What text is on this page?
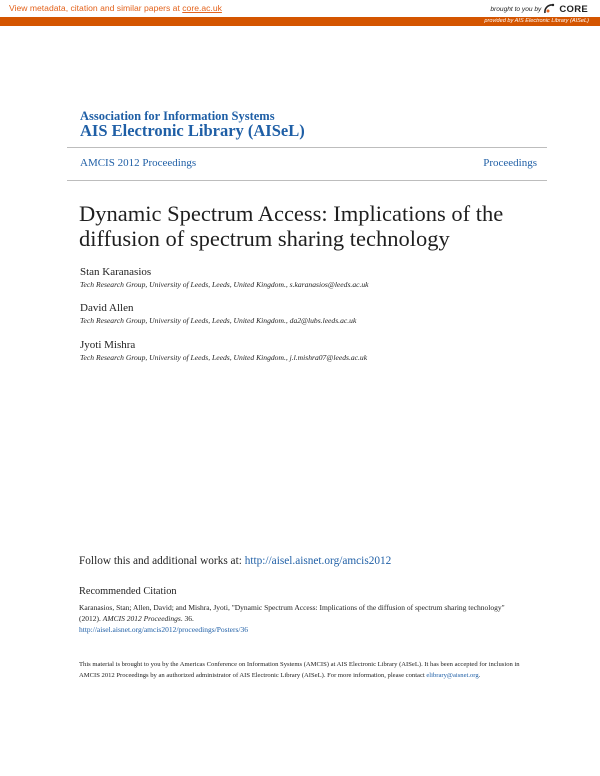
View metadata, citation and similar papers at core.ac.uk	brought to you by CORE
provided by AIS Electronic Library (AISeL)
Association for Information Systems
AIS Electronic Library (AISeL)
AMCIS 2012 Proceedings	Proceedings
Dynamic Spectrum Access: Implications of the diffusion of spectrum sharing technology
Stan Karanasios
Tech Research Group, University of Leeds, Leeds, United Kingdom., s.karanasios@leeds.ac.uk
David Allen
Tech Research Group, University of Leeds, Leeds, United Kingdom., da2@lubs.leeds.ac.uk
Jyoti Mishra
Tech Research Group, University of Leeds, Leeds, United Kingdom., j.l.mishra07@leeds.ac.uk
Follow this and additional works at: http://aisel.aisnet.org/amcis2012
Recommended Citation
Karanasios, Stan; Allen, David; and Mishra, Jyoti, "Dynamic Spectrum Access: Implications of the diffusion of spectrum sharing technology" (2012). AMCIS 2012 Proceedings. 36.
http://aisel.aisnet.org/amcis2012/proceedings/Posters/36
This material is brought to you by the Americas Conference on Information Systems (AMCIS) at AIS Electronic Library (AISeL). It has been accepted for inclusion in AMCIS 2012 Proceedings by an authorized administrator of AIS Electronic Library (AISeL). For more information, please contact elibrary@aisnet.org.
